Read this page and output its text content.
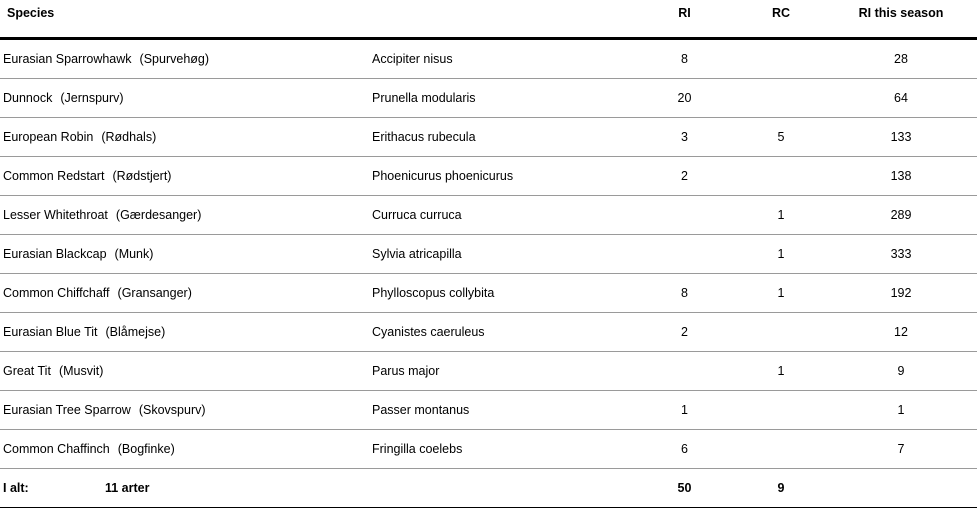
Species		RI	RC	RI this season
Eurasian Sparrowhawk (Spurvehøg)	Accipiter nisus	8		28
Dunnock (Jernspurv)	Prunella modularis	20		64
European Robin (Rødhals)	Erithacus rubecula	3	5	133
Common Redstart (Rødstjert)	Phoenicurus phoenicurus	2		138
Lesser Whitethroat (Gærdesanger)	Curruca curruca		1	289
Eurasian Blackcap (Munk)	Sylvia atricapilla		1	333
Common Chiffchaff (Gransanger)	Phylloscopus collybita	8	1	192
Eurasian Blue Tit (Blåmejse)	Cyanistes caeruleus	2		12
Great Tit (Musvit)	Parus major		1	9
Eurasian Tree Sparrow (Skovspurv)	Passer montanus	1		1
Common Chaffinch (Bogfinke)	Fringilla coelebs	6		7
I alt: 11 arter		50	9	
